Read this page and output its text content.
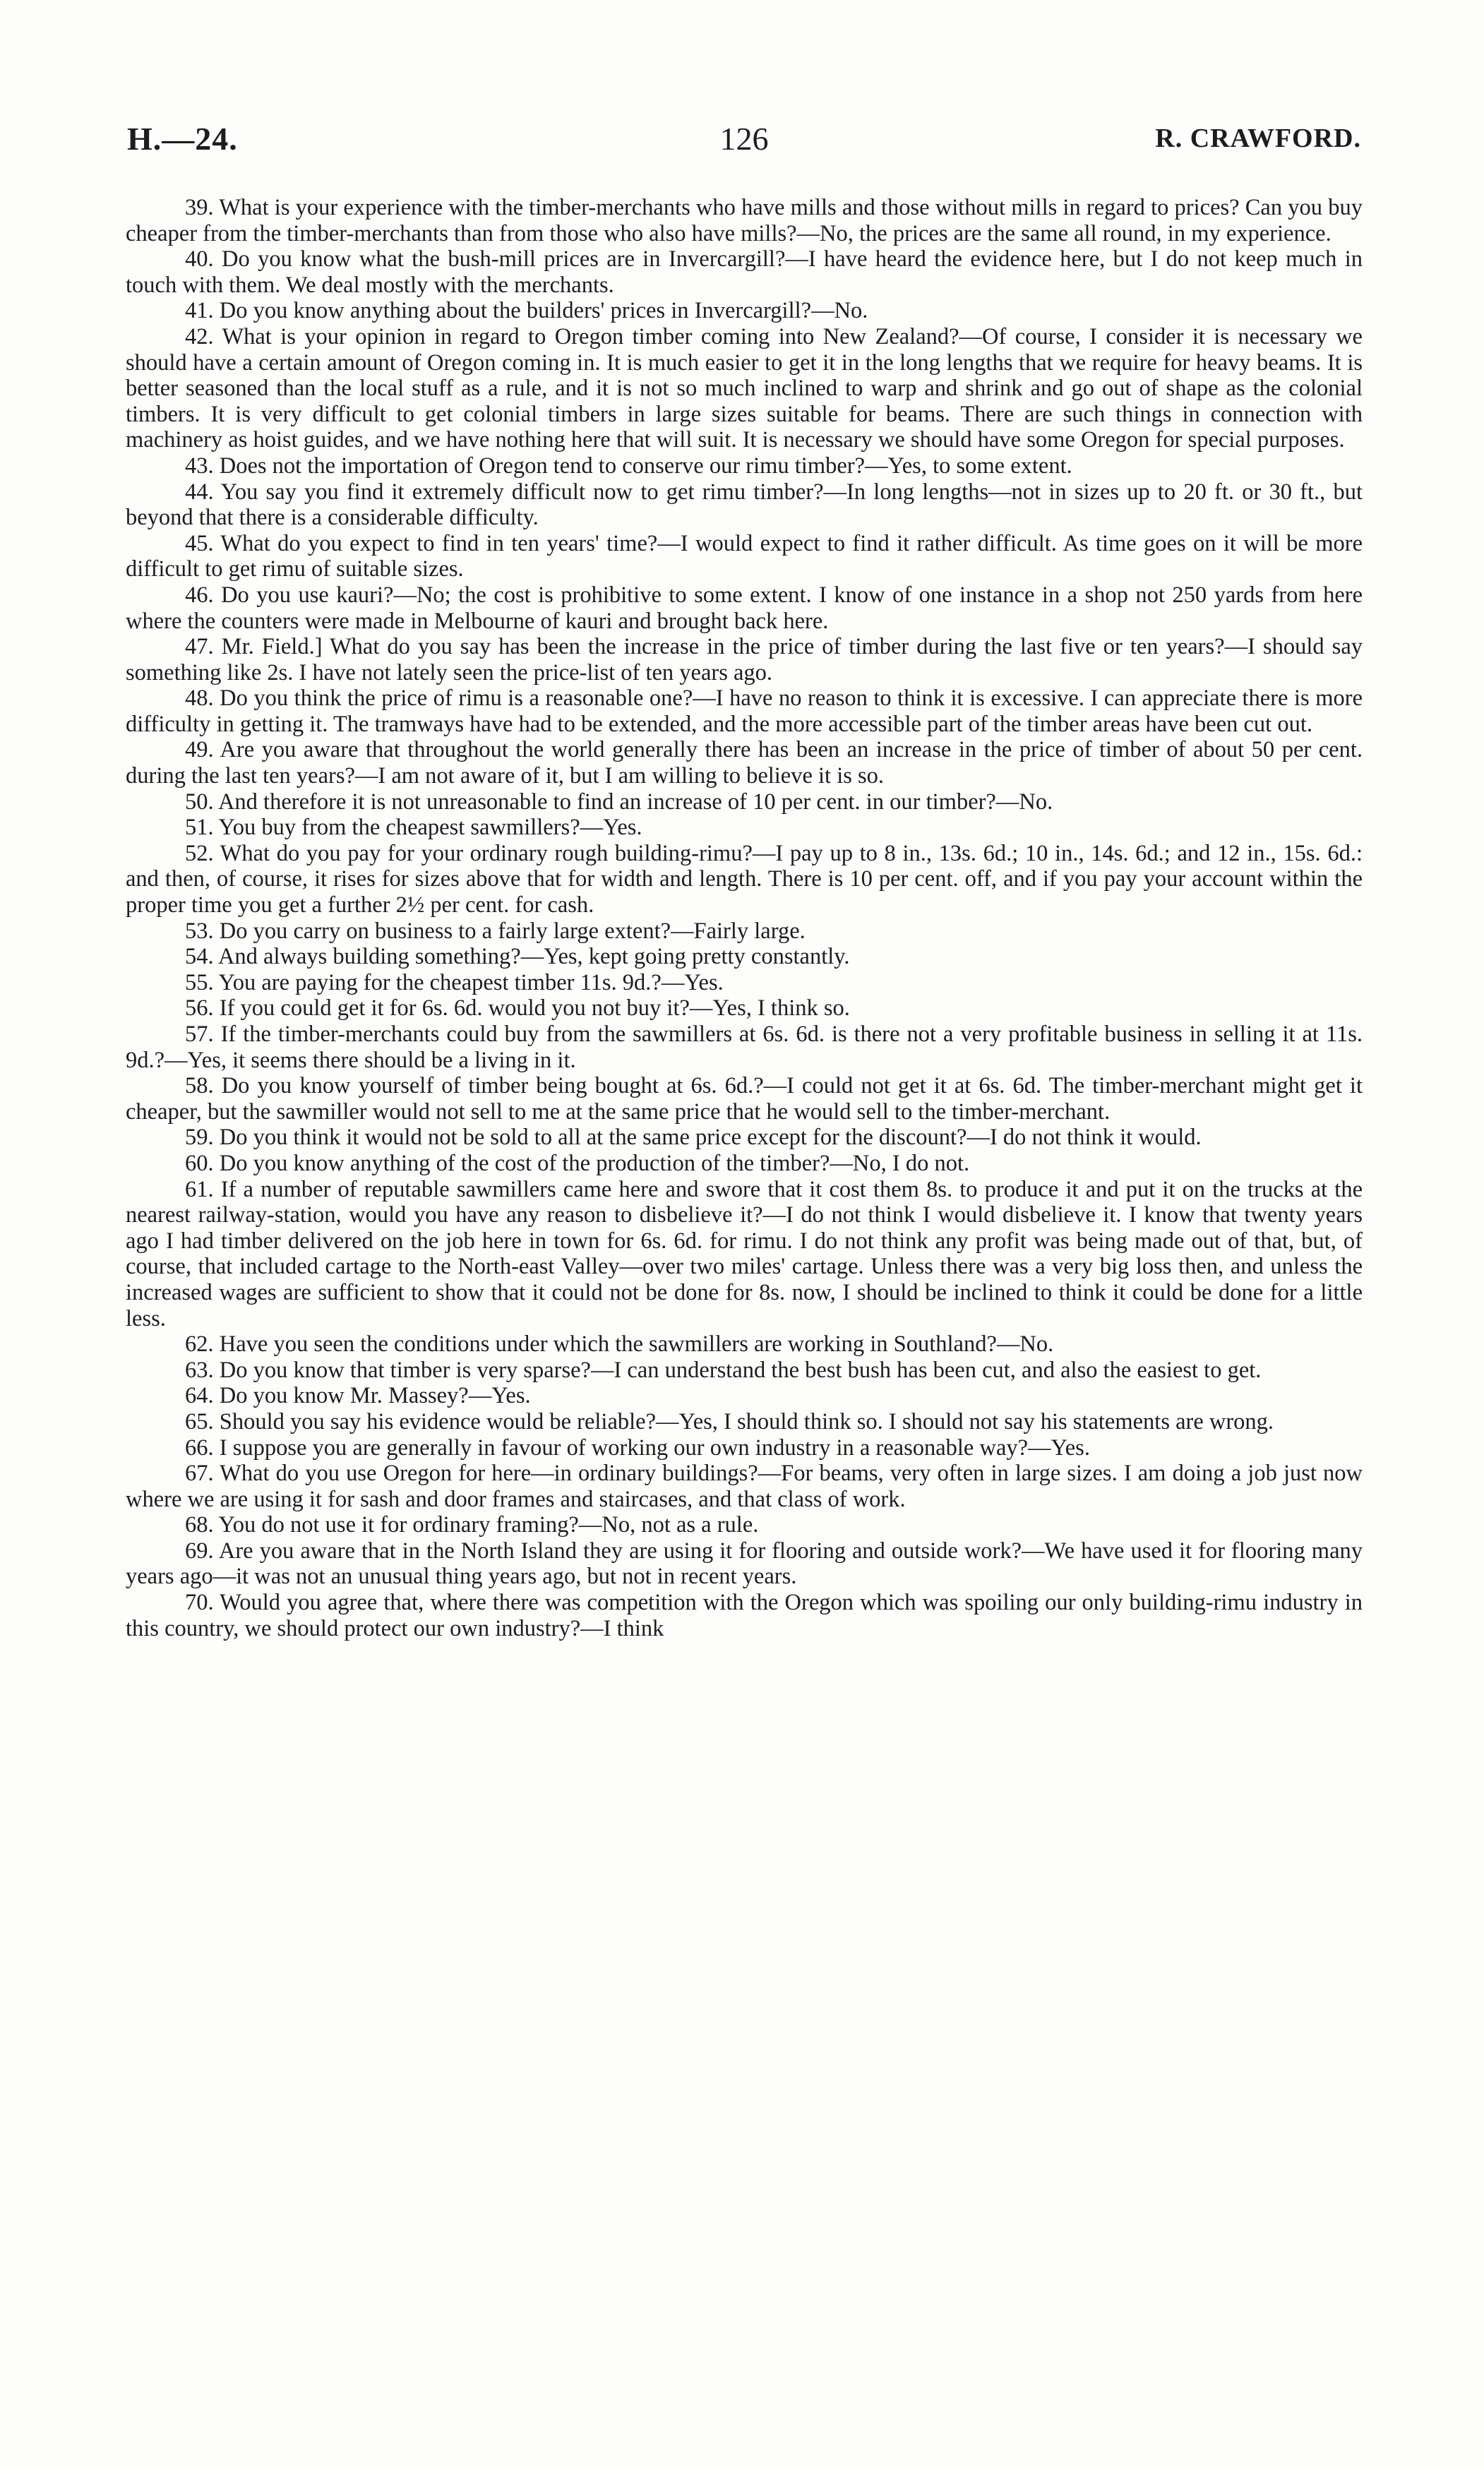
H.—24.	126	R. CRAWFORD.

39. What is your experience with the timber-merchants who have mills and those without mills in regard to prices? Can you buy cheaper from the timber-merchants than from those who also have mills?—No, the prices are the same all round, in my experience.

40. Do you know what the bush-mill prices are in Invercargill?—I have heard the evidence here, but I do not keep much in touch with them. We deal mostly with the merchants.

41. Do you know anything about the builders' prices in Invercargill?—No.

42. What is your opinion in regard to Oregon timber coming into New Zealand?—Of course, I consider it is necessary we should have a certain amount of Oregon coming in. It is much easier to get it in the long lengths that we require for heavy beams. It is better seasoned than the local stuff as a rule, and it is not so much inclined to warp and shrink and go out of shape as the colonial timbers. It is very difficult to get colonial timbers in large sizes suitable for beams. There are such things in connection with machinery as hoist guides, and we have nothing here that will suit. It is necessary we should have some Oregon for special purposes.

43. Does not the importation of Oregon tend to conserve our rimu timber?—Yes, to some extent.

44. You say you find it extremely difficult now to get rimu timber?—In long lengths—not in sizes up to 20 ft. or 30 ft., but beyond that there is a considerable difficulty.

45. What do you expect to find in ten years' time?—I would expect to find it rather difficult. As time goes on it will be more difficult to get rimu of suitable sizes.

46. Do you use kauri?—No; the cost is prohibitive to some extent. I know of one instance in a shop not 250 yards from here where the counters were made in Melbourne of kauri and brought back here.

47. Mr. Field.] What do you say has been the increase in the price of timber during the last five or ten years?—I should say something like 2s. I have not lately seen the price-list of ten years ago.

48. Do you think the price of rimu is a reasonable one?—I have no reason to think it is excessive. I can appreciate there is more difficulty in getting it. The tramways have had to be extended, and the more accessible part of the timber areas have been cut out.

49. Are you aware that throughout the world generally there has been an increase in the price of timber of about 50 per cent. during the last ten years?—I am not aware of it, but I am willing to believe it is so.

50. And therefore it is not unreasonable to find an increase of 10 per cent. in our timber?—No.

51. You buy from the cheapest sawmillers?—Yes.

52. What do you pay for your ordinary rough building-rimu?—I pay up to 8 in., 13s. 6d.; 10 in., 14s. 6d.; and 12 in., 15s. 6d.: and then, of course, it rises for sizes above that for width and length. There is 10 per cent. off, and if you pay your account within the proper time you get a further 2½ per cent. for cash.

53. Do you carry on business to a fairly large extent?—Fairly large.

54. And always building something?—Yes, kept going pretty constantly.

55. You are paying for the cheapest timber 11s. 9d.?—Yes.

56. If you could get it for 6s. 6d. would you not buy it?—Yes, I think so.

57. If the timber-merchants could buy from the sawmillers at 6s. 6d. is there not a very profitable business in selling it at 11s. 9d.?—Yes, it seems there should be a living in it.

58. Do you know yourself of timber being bought at 6s. 6d.?—I could not get it at 6s. 6d. The timber-merchant might get it cheaper, but the sawmiller would not sell to me at the same price that he would sell to the timber-merchant.

59. Do you think it would not be sold to all at the same price except for the discount?—I do not think it would.

60. Do you know anything of the cost of the production of the timber?—No, I do not.

61. If a number of reputable sawmillers came here and swore that it cost them 8s. to produce it and put it on the trucks at the nearest railway-station, would you have any reason to disbelieve it?—I do not think I would disbelieve it. I know that twenty years ago I had timber delivered on the job here in town for 6s. 6d. for rimu. I do not think any profit was being made out of that, but, of course, that included cartage to the North-east Valley—over two miles' cartage. Unless there was a very big loss then, and unless the increased wages are sufficient to show that it could not be done for 8s. now, I should be inclined to think it could be done for a little less.

62. Have you seen the conditions under which the sawmillers are working in Southland?—No.

63. Do you know that timber is very sparse?—I can understand the best bush has been cut, and also the easiest to get.

64. Do you know Mr. Massey?—Yes.

65. Should you say his evidence would be reliable?—Yes, I should think so. I should not say his statements are wrong.

66. I suppose you are generally in favour of working our own industry in a reasonable way?—Yes.

67. What do you use Oregon for here—in ordinary buildings?—For beams, very often in large sizes. I am doing a job just now where we are using it for sash and door frames and staircases, and that class of work.

68. You do not use it for ordinary framing?—No, not as a rule.

69. Are you aware that in the North Island they are using it for flooring and outside work?—We have used it for flooring many years ago—it was not an unusual thing years ago, but not in recent years.

70. Would you agree that, where there was competition with the Oregon which was spoiling our only building-rimu industry in this country, we should protect our own industry?—I think
